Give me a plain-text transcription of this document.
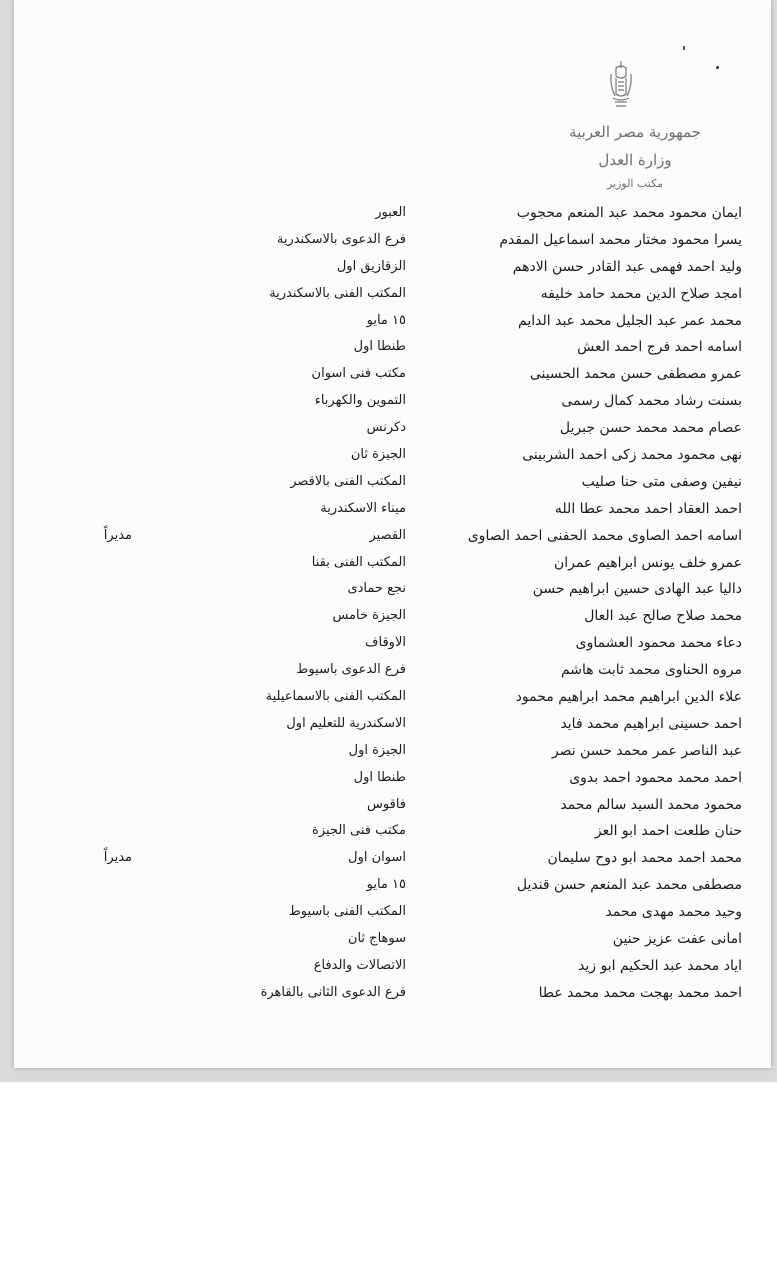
جمهورية مصر العربية
وزارة العدل
مكتب الوزير
ايمان محمود محمد عبد المنعم محجوب
العبور
يسرا محمود مختار محمد اسماعيل المقدم
فرع الدعوى بالاسكندرية
وليد احمد فهمى عبد القادر حسن الادهم
الزقازيق اول
امجد صلاح الدين محمد حامد خليفه
المكتب الفنى بالاسكندرية
محمد عمر عبد الجليل محمد عبد الدايم
١٥ مايو
اسامه احمد فرج احمد العش
طنطا اول
عمرو مصطفى حسن محمد الحسينى
مكتب فنى اسوان
بسنت رشاد محمد كمال رسمى
التموين والكهرباء
عصام محمد محمد حسن جبريل
دكرنس
نهى محمود محمد زكى احمد الشربينى
الجيزة ثان
نيفين وصفى متى حنا صليب
المكتب الفنى بالاقصر
احمد العقاد احمد محمد عطا الله
ميناء الاسكندرية
اسامه احمد الصاوى محمد الحفنى احمد الصاوى
القصير
مديراً
عمرو خلف يونس ابراهيم عمران
المكتب الفنى بقنا
داليا عبد الهادى حسين ابراهيم حسن
نجع حمادى
محمد صلاح صالح عبد العال
الجيزة خامس
دعاء محمد محمود العشماوى
الاوقاف
مروه الحناوى محمد ثابت هاشم
فرع الدعوى باسيوط
علاء الدين ابراهيم محمد ابراهيم محمود
المكتب الفنى بالاسماعيلية
احمد حسينى ابراهيم محمد فايد
الاسكندرية للتعليم اول
عبد الناصر عمر محمد حسن نصر
الجيزة اول
احمد محمد محمود احمد بدوى
طنطا اول
محمود محمد السيد سالم محمد
فاقوس
حنان طلعت احمد ابو العز
مكتب فنى الجيزة
محمد احمد محمد ابو دوح سليمان
اسوان اول
مديراً
مصطفى محمد عبد المنعم حسن قنديل
١٥ مايو
وحيد محمد مهدى محمد
المكتب الفنى باسيوط
امانى عفت عزيز حنين
سوهاج ثان
اياد محمد عبد الحكيم ابو زيد
الاتصالات والدفاع
احمد محمد بهجت محمد محمد عطا
فرع الدعوى الثانى بالقاهرة
